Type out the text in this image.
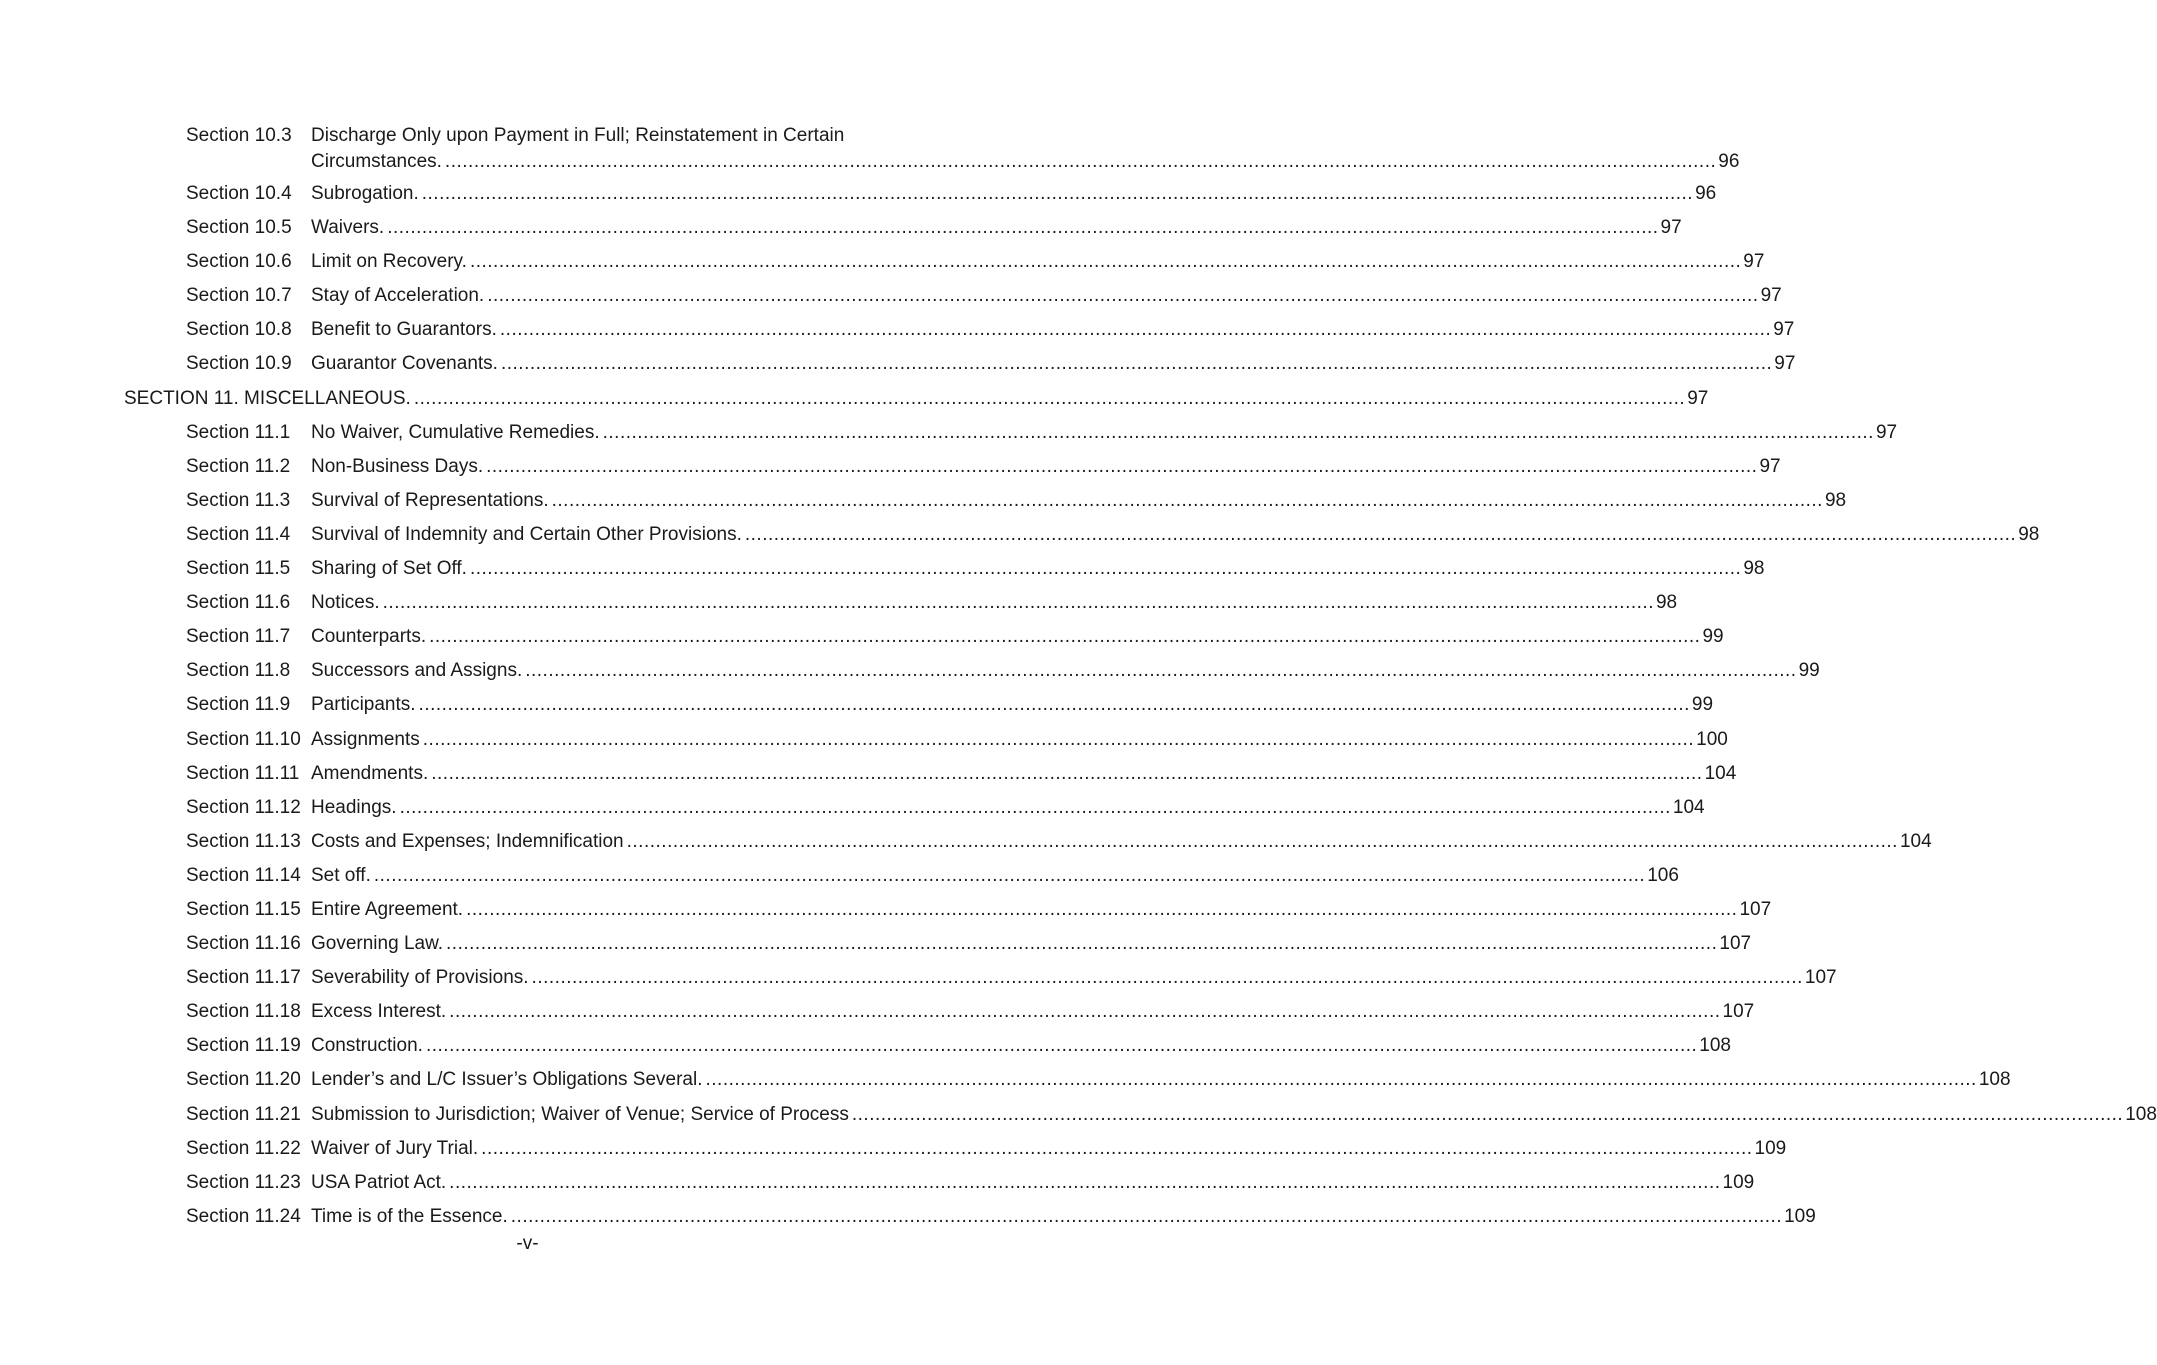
Section 10.3 Discharge Only upon Payment in Full; Reinstatement in Certain
Circumstances. ............................................................................................................................................................................................................................ 96
Section 10.4 Subrogation. ............................................................................................................................................................................................................................ 96
Section 10.5 Waivers. ............................................................................................................................................................................................................................ 97
Section 10.6 Limit on Recovery. ............................................................................................................................................................................................................................ 97
Section 10.7 Stay of Acceleration. ............................................................................................................................................................................................................................ 97
Section 10.8 Benefit to Guarantors. ............................................................................................................................................................................................................................ 97
Section 10.9 Guarantor Covenants. ............................................................................................................................................................................................................................ 97
SECTION 11. MISCELLANEOUS. ............................................................................................................................................................................................................................ 97
Section 11.1 No Waiver, Cumulative Remedies. ............................................................................................................................................................................................................................ 97
Section 11.2 Non-Business Days. ............................................................................................................................................................................................................................ 97
Section 11.3 Survival of Representations. ............................................................................................................................................................................................................................ 98
Section 11.4 Survival of Indemnity and Certain Other Provisions. ............................................................................................................................................................................................................................ 98
Section 11.5 Sharing of Set Off. ............................................................................................................................................................................................................................ 98
Section 11.6 Notices. ............................................................................................................................................................................................................................ 98
Section 11.7 Counterparts. ............................................................................................................................................................................................................................ 99
Section 11.8 Successors and Assigns. ............................................................................................................................................................................................................................ 99
Section 11.9 Participants. ............................................................................................................................................................................................................................ 99
Section 11.10 Assignments ............................................................................................................................................................................................................................ 100
Section 11.11 Amendments. ............................................................................................................................................................................................................................ 104
Section 11.12 Headings. ............................................................................................................................................................................................................................ 104
Section 11.13 Costs and Expenses; Indemnification ............................................................................................................................................................................................................................ 104
Section 11.14 Set off. ............................................................................................................................................................................................................................ 106
Section 11.15 Entire Agreement. ............................................................................................................................................................................................................................ 107
Section 11.16 Governing Law. ............................................................................................................................................................................................................................ 107
Section 11.17 Severability of Provisions. ............................................................................................................................................................................................................................ 107
Section 11.18 Excess Interest. ............................................................................................................................................................................................................................ 107
Section 11.19 Construction. ............................................................................................................................................................................................................................ 108
Section 11.20 Lender’s and L/C Issuer’s Obligations Several. ............................................................................................................................................................................................................................ 108
Section 11.21 Submission to Jurisdiction; Waiver of Venue; Service of Process ............................................................................................................................................................................................................................ 108
Section 11.22 Waiver of Jury Trial. ............................................................................................................................................................................................................................ 109
Section 11.23 USA Patriot Act. ............................................................................................................................................................................................................................ 109
Section 11.24 Time is of the Essence. ............................................................................................................................................................................................................................ 109
-v-
